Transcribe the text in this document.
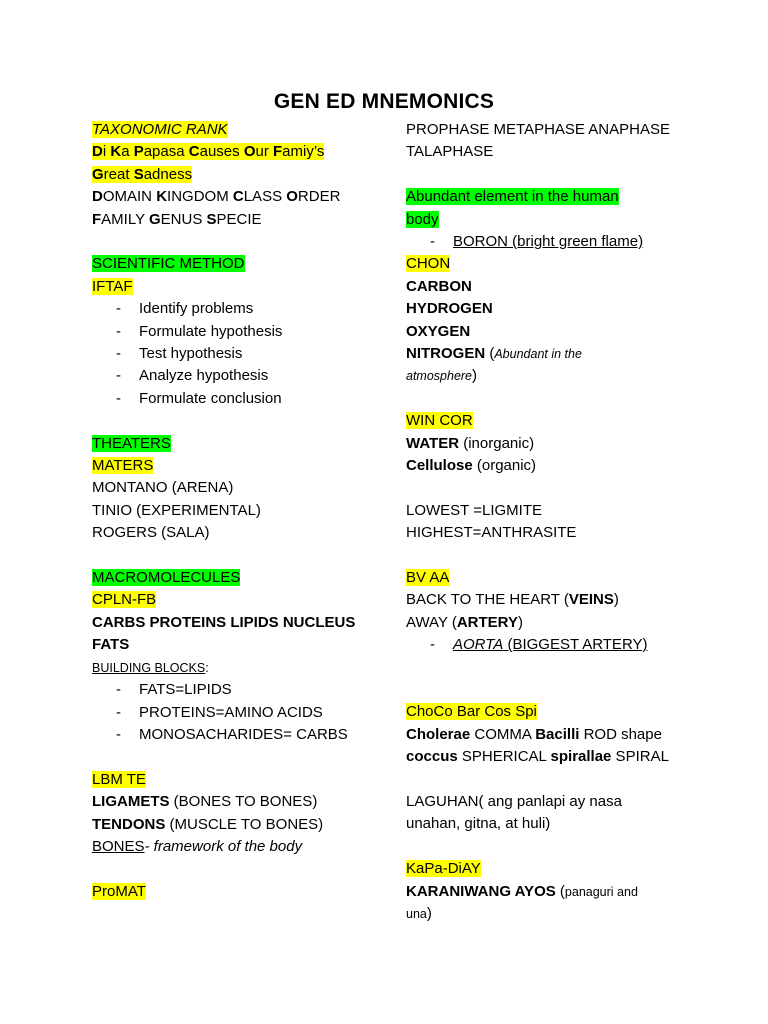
GEN ED MNEMONICS
TAXONOMIC RANK
Di Ka Papasa Causes Our Famiy’s
Great Sadness
DOMAIN KINGDOM CLASS ORDER
FAMILY GENUS SPECIE
SCIENTIFIC METHOD
IFTAF
- Identify problems
- Formulate hypothesis
- Test hypothesis
- Analyze hypothesis
- Formulate conclusion
THEATERS
MATERS
MONTANO (ARENA)
TINIO (EXPERIMENTAL)
ROGERS (SALA)
MACROMOLECULES
CPLN-FB
CARBS PROTEINS LIPIDS NUCLEUS
FATS
BUILDING BLOCKS:
- FATS=LIPIDS
- PROTEINS=AMINO ACIDS
- MONOSACHARIDES= CARBS
LBM TE
LIGAMETS (BONES TO BONES)
TENDONS (MUSCLE TO BONES)
BONES- framework of the body
ProMAT
PROPHASE METAPHASE ANAPHASE
TALAPHASE
Abundant element in the human
body
- BORON (bright green flame)
CHON
CARBON
HYDROGEN
OXYGEN
NITROGEN (Abundant in the
atmosphere)
WIN COR
WATER (inorganic)
Cellulose (organic)
LOWEST =LIGMITE
HIGHEST=ANTHRASITE
BV AA
BACK TO THE HEART (VEINS)
AWAY (ARTERY)
- AORTA (BIGGEST ARTERY)
ChoCo Bar Cos Spi
Cholerae COMMA Bacilli ROD shape
coccus SPHERICAL spirallae SPIRAL
LAGUHAN( ang panlapi ay nasa
unahan, gitna, at huli)
KaPa-DiAY
KARANIWANG AYOS (panaguri and
una)
